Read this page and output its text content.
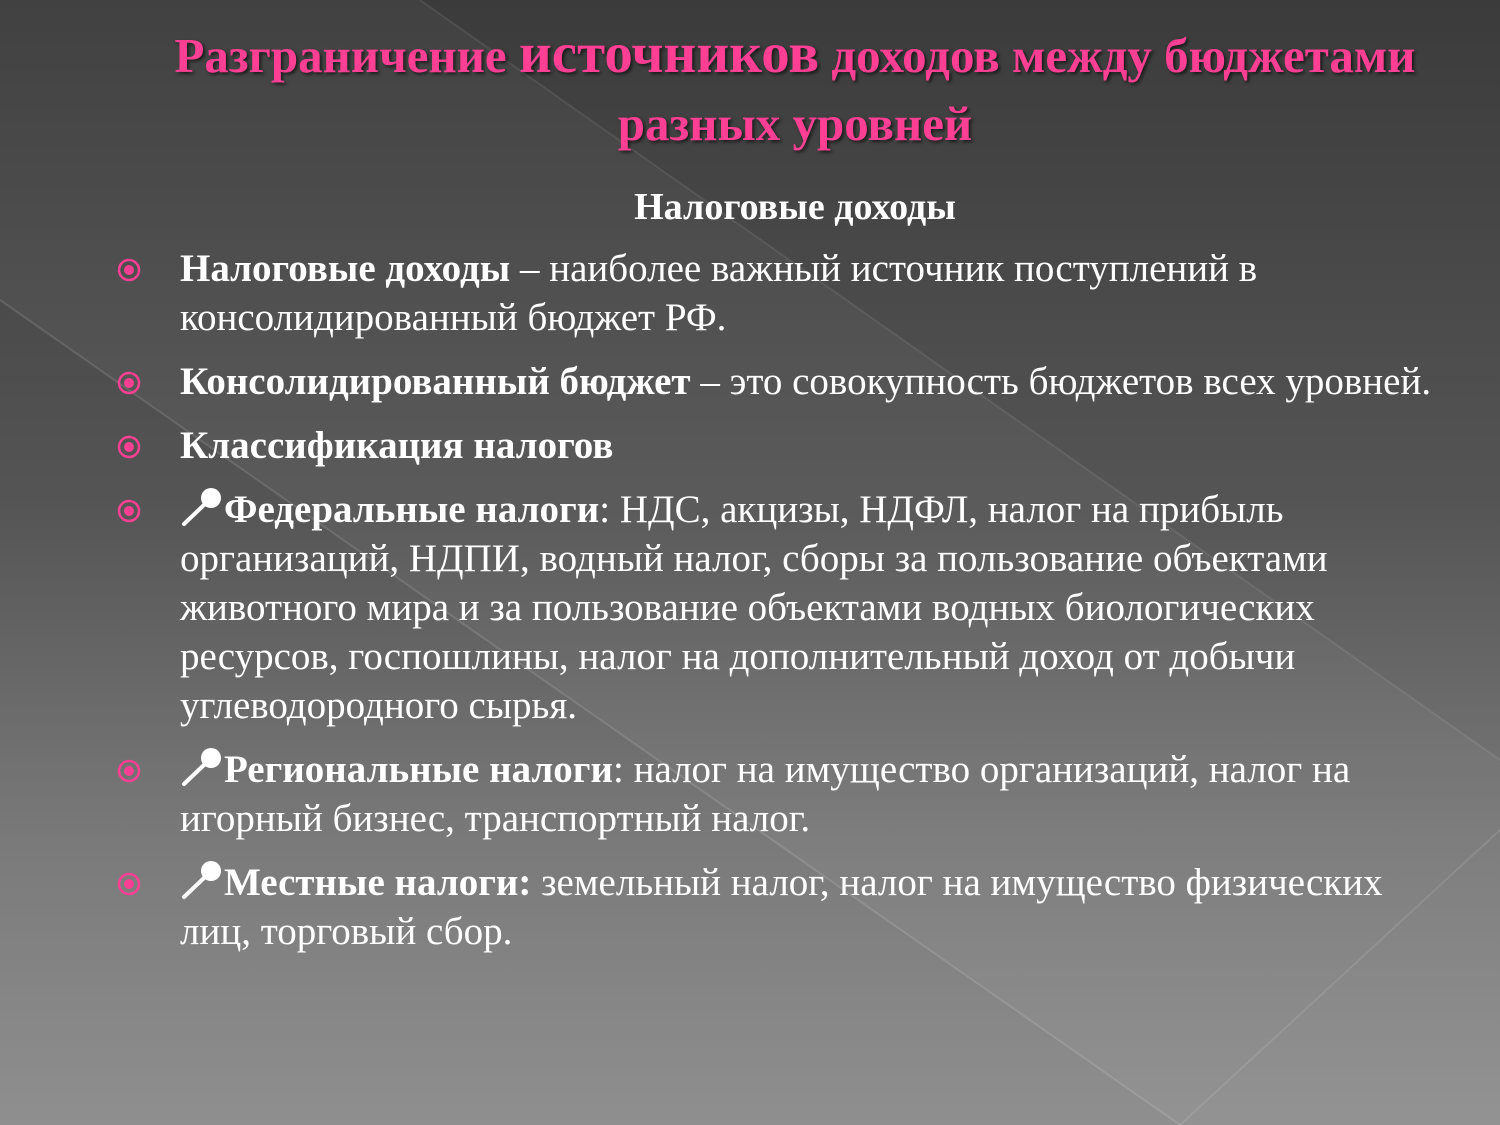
Разграничение источников доходов между бюджетами разных уровней
Налоговые доходы
Налоговые доходы – наиболее важный источник поступлений в консолидированный бюджет РФ.
Консолидированный бюджет – это совокупность бюджетов всех уровней.
Классификация налогов
Федеральные налоги: НДС, акцизы, НДФЛ, налог на прибыль организаций, НДПИ, водный налог, сборы за пользование объектами животного мира и за пользование объектами водных биологических ресурсов, госпошлины, налог на дополнительный доход от добычи углеводородного сырья.
Региональные налоги: налог на имущество организаций, налог на игорный бизнес, транспортный налог.
Местные налоги: земельный налог, налог на имущество физических лиц, торговый сбор.
